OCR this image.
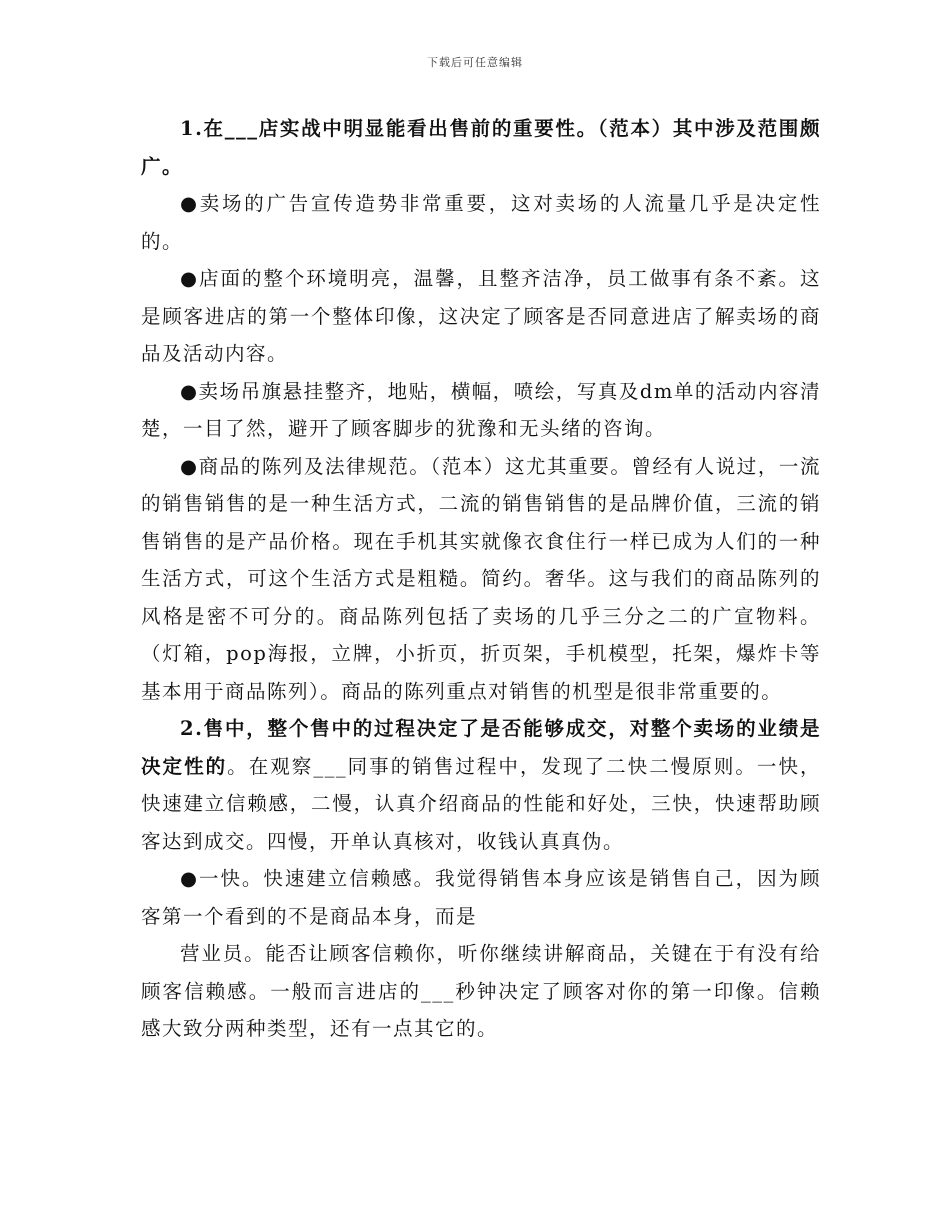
下载后可任意编辑

1.在___店实战中明显能看出售前的重要性。（范本）其中涉及范围颇广。

●卖场的广告宣传造势非常重要，这对卖场的人流量几乎是决定性的。

●店面的整个环境明亮，温馨，且整齐洁净，员工做事有条不紊。这是顾客进店的第一个整体印像，这决定了顾客是否同意进店了解卖场的商品及活动内容。

●卖场吊旗悬挂整齐，地贴，横幅，喷绘，写真及dm单的活动内容清楚，一目了然，避开了顾客脚步的犹豫和无头绪的咨询。

●商品的陈列及法律规范。（范本）这尤其重要。曾经有人说过，一流的销售销售的是一种生活方式，二流的销售销售的是品牌价值，三流的销售销售的是产品价格。现在手机其实就像衣食住行一样已成为人们的一种生活方式，可这个生活方式是粗糙。简约。奢华。这与我们的商品陈列的风格是密不可分的。商品陈列包括了卖场的几乎三分之二的广宣物料。（灯箱，pop海报，立牌，小折页，折页架，手机模型，托架，爆炸卡等基本用于商品陈列）。商品的陈列重点对销售的机型是很非常重要的。

2.售中，整个售中的过程决定了是否能够成交，对整个卖场的业绩是决定性的。在观察___同事的销售过程中，发现了二快二慢原则。一快，快速建立信赖感，二慢，认真介绍商品的性能和好处，三快，快速帮助顾客达到成交。四慢，开单认真核对，收钱认真真伪。

●一快。快速建立信赖感。我觉得销售本身应该是销售自己，因为顾客第一个看到的不是商品本身，而是

营业员。能否让顾客信赖你，听你继续讲解商品，关键在于有没有给顾客信赖感。一般而言进店的___秒钟决定了顾客对你的第一印像。信赖感大致分两种类型，还有一点其它的。
